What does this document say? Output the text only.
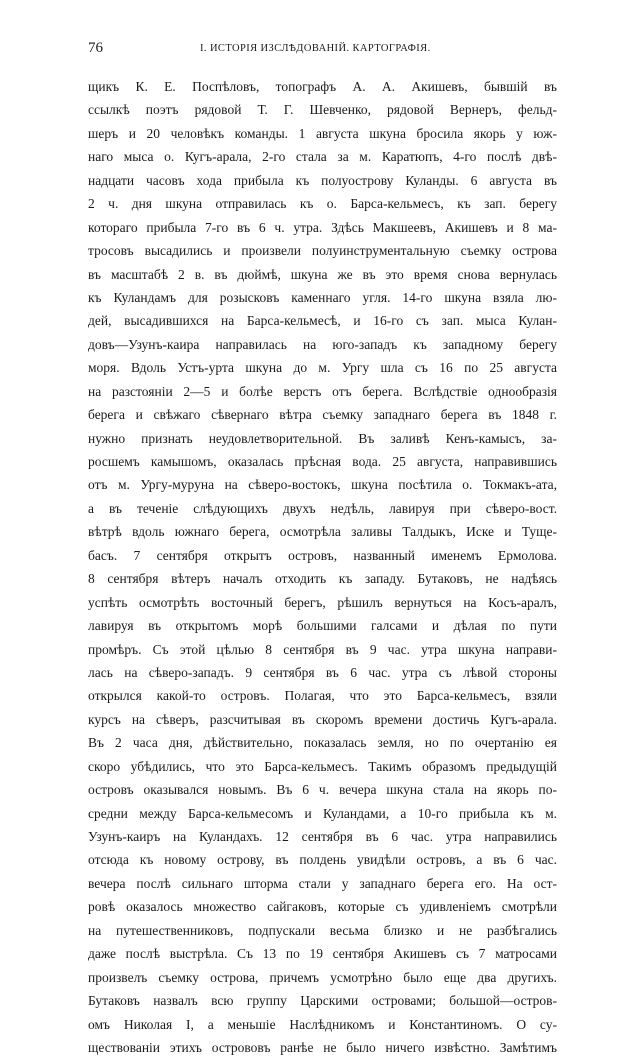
76	I. ИСТОРІЯ ИЗСЛѢДОВАНІЙ. КАРТОГРАФІЯ.
щикъ К. Е. Поспѣловъ, топографъ А. А. Акишевъ, бывшій въ
ссылкѣ поэтъ рядовой Т. Г. Шевченко, рядовой Вернеръ, фельд-
шеръ и 20 человѣкъ команды. 1 августа шкуна бросила якорь у юж-
наго мыса о. Кугъ-арала, 2-го стала за м. Каратюпъ, 4-го послѣ двѣ-
надцати часовъ хода прибыла къ полуострову Куланды. 6 августа въ
2 ч. дня шкуна отправилась къ о. Барса-кельмесъ, къ зап. берегу
котораго прибыла 7-го въ 6 ч. утра. Здѣсь Макшеевъ, Акишевъ и 8 ма-
тросовъ высадились и произвели полуинструментальную съемку острова
въ масштабѣ 2 в. въ дюймѣ, шкуна же въ это время снова вернулась
къ Куландамъ для розысковъ каменнаго угля. 14-го шкуна взяла лю-
дей, высадившихся на Барса-кельмесѣ, и 16-го съ зап. мыса Кулан-
довъ—Узунъ-каира направилась на юго-западъ къ западному берегу
моря. Вдоль Устъ-урта шкуна до м. Ургу шла съ 16 по 25 августа
на разстояніи 2—5 и болѣе верстъ отъ берега. Вслѣдствіе однообразія
берега и свѣжаго сѣвернаго вѣтра съемку западнаго берега въ 1848 г.
нужно признать неудовлетворительной. Въ заливѣ Кенъ-камысъ, за-
росшемъ камышомъ, оказалась прѣсная вода. 25 августа, направившись
отъ м. Ургу-муруна на сѣверо-востокъ, шкуна посѣтила о. Токмакъ-ата,
а въ теченіе слѣдующихъ двухъ недѣль, лавируя при сѣверо-вост.
вѣтрѣ вдоль южнаго берега, осмотрѣла заливы Талдыкъ, Иске и Туще-
басъ. 7 сентября открытъ островъ, названный именемъ Ермолова.
8 сентября вѣтеръ началъ отходить къ западу. Бутаковъ, не надѣясь
успѣть осмотрѣть восточный берегъ, рѣшилъ вернуться на Косъ-аралъ,
лавируя въ открытомъ морѣ большими галсами и дѣлая по пути
промѣръ. Съ этой цѣлью 8 сентября въ 9 час. утра шкуна направи-
лась на сѣверо-западъ. 9 сентября въ 6 час. утра съ лѣвой стороны
открылся какой-то островъ. Полагая, что это Барса-кельмесъ, взяли
курсъ на сѣверъ, разсчитывая въ скоромъ времени достичь Кугъ-арала.
Въ 2 часа дня, дѣйствительно, показалась земля, но по очертанію ея
скоро убѣдились, что это Барса-кельмесъ. Такимъ образомъ предыдущій
островъ оказывался новымъ. Въ 6 ч. вечера шкуна стала на якорь по-
средни между Барса-кельмесомъ и Куландами, а 10-го прибыла къ м.
Узунъ-каиръ на Куландахъ. 12 сентября въ 6 час. утра направились
отсюда къ новому острову, въ полдень увидѣли островъ, а въ 6 час.
вечера послѣ сильнаго шторма стали у западнаго берега его. На ост-
ровѣ оказалось множество сайгаковъ, которые съ удивленіемъ смотрѣли
на путешественниковъ, подпускали весьма близко и не разбѣгались
даже послѣ выстрѣла. Съ 13 по 19 сентября Акишевъ съ 7 матросами
произвелъ съемку острова, причемъ усмотрѣно было еще два другихъ.
Бутаковъ назвалъ всю группу Царскими островами; большой—остров-
омъ Николая I, а меньшіе Наслѣдникомъ и Константиномъ. О су-
ществованіи этихъ острововъ ранѣе не было ничего извѣстно. Замѣтимъ
